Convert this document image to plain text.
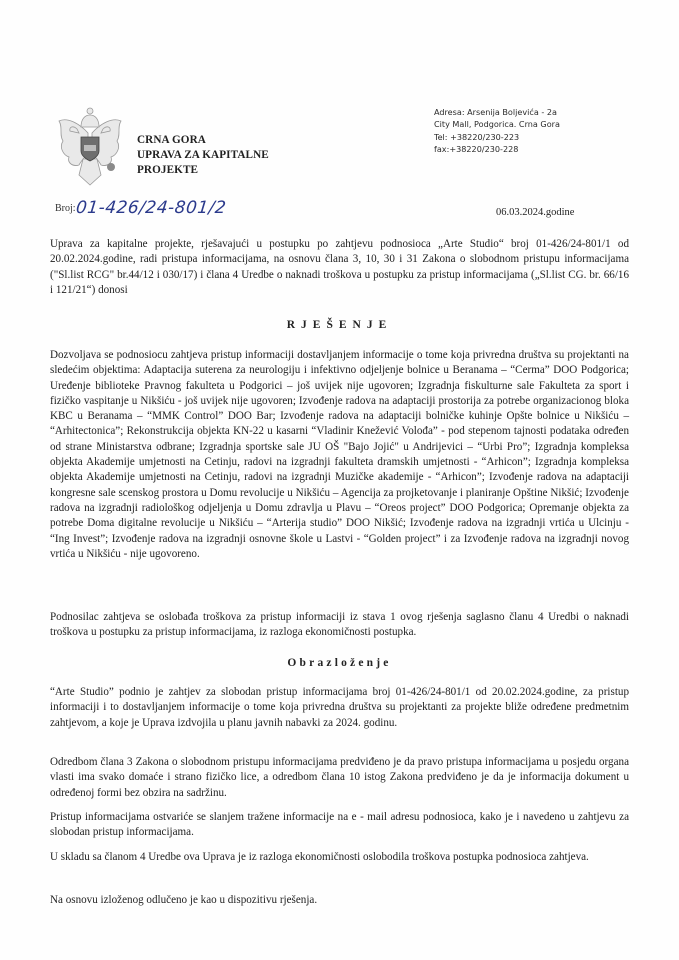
CRNA GORA
UPRAVA ZA KAPITALNE
PROJEKTE
Adresa: Arsenija Boljevića - 2a
City Mall, Podgorica. Crna Gora
Tel: +38220/230-223
fax:+38220/230-228
Broj:01-426/24-801/2	06.03.2024.godine

Uprava za kapitalne projekte, rješavajući u postupku po zahtjevu podnosioca „Arte Studio“ broj 01-426/24-801/1 od 20.02.2024.godine, radi pristupa informacijama, na osnovu člana 3, 10, 30 i 31 Zakona o slobodnom pristupu informacijama ("Sl.list RCG" br.44/12 i 030/17) i člana 4 Uredbe o naknadi troškova u postupku za pristup informacijama („Sl.list CG. br. 66/16 i 121/21“) donosi

RJEŠENJE

Dozvoljava se podnosiocu zahtjeva pristup informaciji dostavljanjem informacije o tome koja privredna društva su projektanti na sledećim objektima: Adaptacija suterena za neurologiju i infektivno odjeljenje bolnice u Beranama – “Cerma” DOO Podgorica; Uređenje biblioteke Pravnog fakulteta u Podgorici – još uvijek nije ugovoren; Izgradnja fiskulturne sale Fakulteta za sport i fizičko vaspitanje u Nikšiću - još uvijek nije ugovoren; Izvođenje radova na adaptaciji prostorija za potrebe organizacionog bloka KBC u Beranama – “MMK Control” DOO Bar; Izvođenje radova na adaptaciji bolničke kuhinje Opšte bolnice u Nikšiću – “Arhitectonica”; Rekonstrukcija objekta KN-22 u kasarni “Vladinir Knežević Volođa” - pod stepenom tajnosti podataka određen od strane Ministarstva odbrane; Izgradnja sportske sale JU OŠ "Bajo Jojić" u Andrijevici – “Urbi Pro”; Izgradnja kompleksa objekta Akademije umjetnosti na Cetinju, radovi na izgradnji fakulteta dramskih umjetnosti - “Arhicon”; Izgradnja kompleksa objekta Akademije umjetnosti na Cetinju, radovi na izgradnji Muzičke akademije - “Arhicon”; Izvođenje radova na adaptaciji kongresne sale scenskog prostora u Domu revolucije u Nikšiću – Agencija za projketovanje i planiranje Opštine Nikšić; Izvođenje radova na izgradnji radiološkog odjeljenja u Domu zdravlja u Plavu – “Oreos project” DOO Podgorica; Opremanje objekta za potrebe Doma digitalne revolucije u Nikšiću – “Arterija studio” DOO Nikšić; Izvođenje radova na izgradnji vrtića u Ulcinju - “Ing Invest”; Izvođenje radova na izgradnji osnovne škole u Lastvi - “Golden project” i za Izvođenje radova na izgradnji novog vrtića u Nikšiću - nije ugovoreno.

Podnosilac zahtjeva se oslobađa troškova za pristup informaciji iz stava 1 ovog rješenja saglasno članu 4 Uredbi o naknadi troškova u postupku za pristup informacijama, iz razloga ekonomičnosti postupka.

Obrazloženje

“Arte Studio” podnio je zahtjev za slobodan pristup informacijama broj 01-426/24-801/1 od 20.02.2024.godine, za pristup informaciji i to dostavljanjem informacije o tome koja privredna društva su projektanti za projekte bliže određene predmetnim zahtjevom, a koje je Uprava izdvojila u planu javnih nabavki za 2024. godinu.

Odredbom člana 3 Zakona o slobodnom pristupu informacijama predviđeno je da pravo pristupa informacijama u posjedu organa vlasti ima svako domaće i strano fizičko lice, a odredbom člana 10 istog Zakona predviđeno je da je informacija dokument u određenoj formi bez obzira na sadržinu.

Pristup informacijama ostvariće se slanjem tražene informacije na e - mail adresu podnosioca, kako je i navedeno u zahtjevu za slobodan pristup informacijama.

U skladu sa članom 4 Uredbe ova Uprava je iz razloga ekonomičnosti oslobodila troškova postupka podnosioca zahtjeva.

Na osnovu izloženog odlučeno je kao u dispozitivu rješenja.
